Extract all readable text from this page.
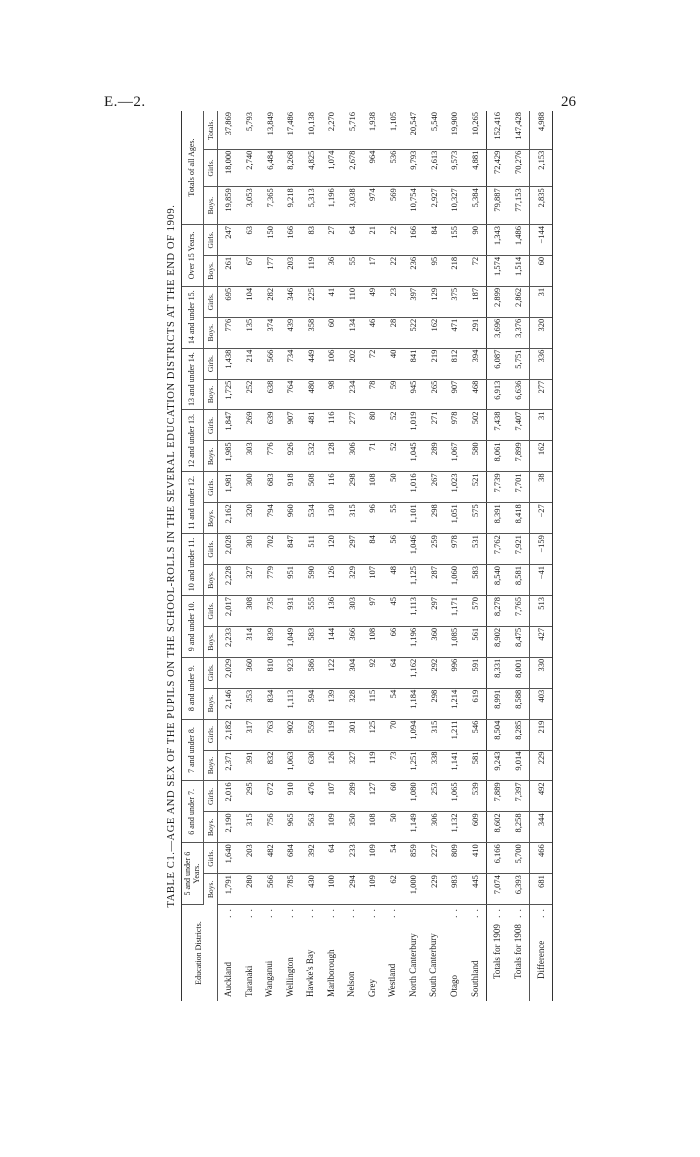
E.—2.	26
TABLE C1.—AGE AND SEX OF THE PUPILS ON THE SCHOOL-ROLLS IN THE SEVERAL EDUCATION DISTRICTS AT THE END OF 1909.
Education Districts.	5 and under 6 Years.		6 and under 7.		7 and under 8.		8 and under 9.		9 and under 10.		10 and under 11.		11 and under 12.		12 and under 13.		13 and under 14.		14 and under 15.		Over 15 Years.		Totals of all Ages.		
	Boys.	Girls.	Boys.	Girls.	Boys.	Girls.	Boys.	Girls.	Boys.	Girls.	Boys.	Girls.	Boys.	Girls.	Boys.	Girls.	Boys.	Girls.	Boys.	Girls.	Boys.	Girls.	Boys.	Girls.	Totals.

. .
Auckland	1,791	1,640	2,190	2,016	2,371	2,182	2,146	2,029	2,233	2,017	2,228	2,028	2,162	1,981	1,985	1,847	1,725	1,438	776	695	261	247	19,859	18,000	37,869

. .
Taranaki	280	203	315	295	391	317	353	360	314	308	327	303	320	300	303	269	252	214	135	104	67	63	3,053	2,740	5,793

. .
Wanganui	566	482	756	672	832	763	834	810	839	735	779	702	794	683	776	639	638	566	374	282	177	150	7,365	6,484	13,849

. .
Wellington	785	684	965	910	1,063	902	1,113	923	1,049	931	951	847	960	918	926	907	764	734	439	346	203	166	9,218	8,268	17,486

. .
Hawke's Bay	430	392	563	476	630	559	594	586	583	555	590	511	534	508	532	481	480	449	358	225	119	83	5,313	4,825	10,138

. .
Marlborough	100	64	109	107	126	119	139	122	144	136	126	120	130	116	128	116	98	106	60	41	36	27	1,196	1,074	2,270

. .
Nelson	294	233	350	289	327	301	328	304	366	303	329	297	315	298	306	277	234	202	134	110	55	64	3,038	2,678	5,716

. .
Grey	109	109	108	127	119	125	115	92	108	97	107	84	96	108	71	80	78	72	46	49	17	21	974	964	1,938

. .
Westland	62	54	50	60	73	70	54	64	66	45	48	56	55	50	52	52	59	40	28	23	22	22	569	536	1,105

North Canterbury	1,000	859	1,149	1,080	1,251	1,094	1,184	1,162	1,196	1,113	1,125	1,046	1,101	1,016	1,045	1,019	945	841	522	397	236	166	10,754	9,793	20,547

South Canterbury	229	227	306	253	338	315	298	292	360	297	287	259	298	267	289	271	265	219	162	129	95	84	2,927	2,613	5,540

. .
Otago	983	809	1,132	1,065	1,141	1,211	1,214	996	1,085	1,171	1,060	978	1,051	1,023	1,067	978	907	812	471	375	218	155	10,327	9,573	19,900

. .
Southland	445	410	609	539	581	546	619	591	561	570	583	531	575	521	580	502	468	394	291	187	72	90	5,384	4,881	10,265

. .
Totals for 1909	7,074	6,166	8,602	7,889	9,243	8,504	8,991	8,331	8,902	8,278	8,540	7,762	8,391	7,739	8,061	7,438	6,913	6,087	3,696	2,899	1,574	1,343	79,887	72,429	152,416

. .
Totals for 1908	6,393	5,700	8,258	7,397	9,014	8,285	8,588	8,001	8,475	7,765	8,581	7,921	8,418	7,701	7,899	7,407	6,636	5,751	3,376	2,862	1,514	1,486	77,153	70,276	147,428

. .
Difference	681	466	344	492	229	219	403	330	427	513	−41	−159	−27	38	162	31	277	336	320	31	60	−144	2,835	2,153	4,988
